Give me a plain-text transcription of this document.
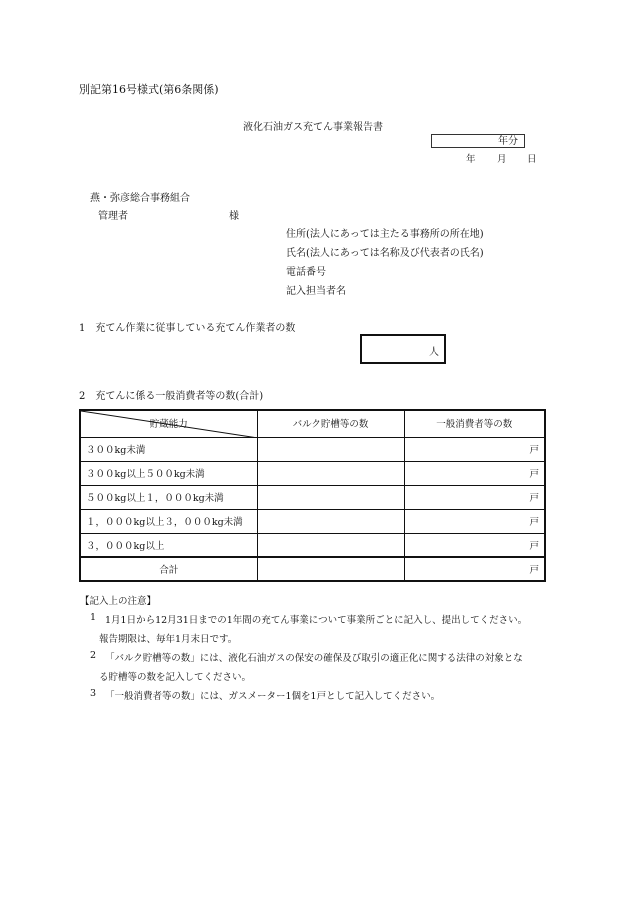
別記第16号様式(第6条関係)
液化石油ガス充てん事業報告書
年分
年 月 日
燕・弥彦総合事務組合
管理者	様
住所(法人にあっては主たる事務所の所在地)
氏名(法人にあっては名称及び代表者の氏名)
電話番号
記入担当者名
1　充てん作業に従事している充てん作業者の数
人
2　充てんに係る一般消費者等の数(合計)
貯蔵能力	バルク貯槽等の数	一般消費者等の数
３００kg未満		戸
３００kg以上５００kg未満		戸
５００kg以上１，０００kg未満		戸
１，０００kg以上３，０００kg未満		戸
３，０００kg以上		戸
合計		戸
【記入上の注意】
1 1月1日から12月31日までの1年間の充てん事業について事業所ごとに記入し、提出してください。
報告期限は、毎年1月末日です。
2 「バルク貯槽等の数」には、液化石油ガスの保安の確保及び取引の適正化に関する法律の対象とな
る貯槽等の数を記入してください。
3 「一般消費者等の数」には、ガスメーター1個を1戸として記入してください。
